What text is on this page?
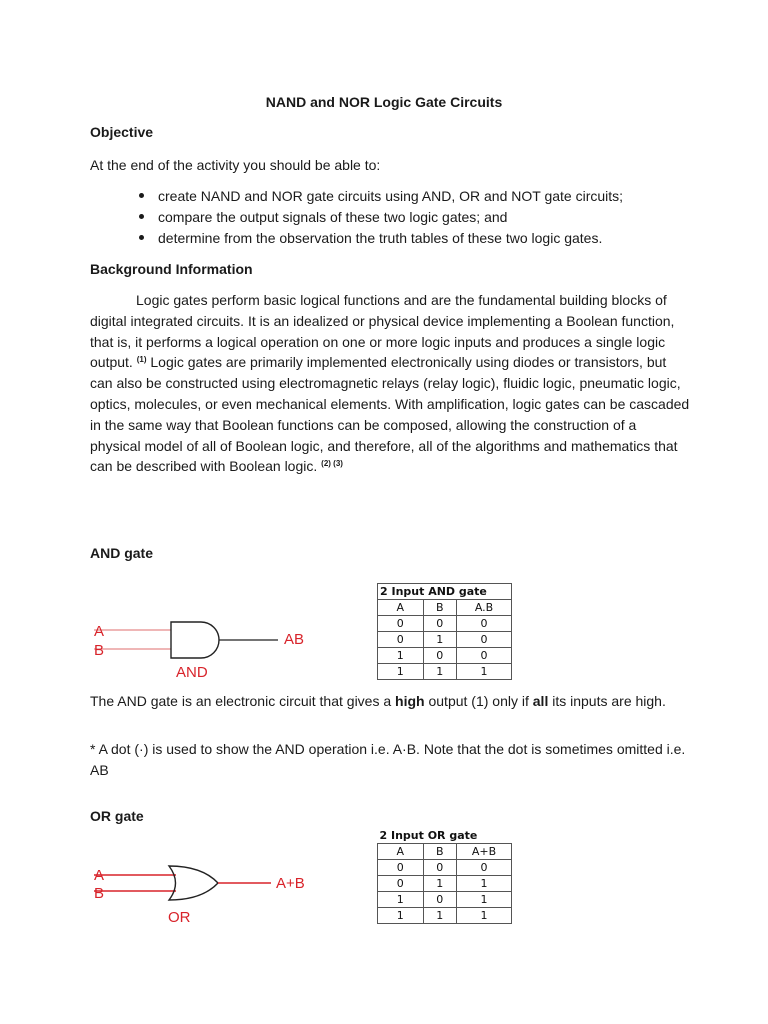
NAND and NOR Logic Gate Circuits
Objective
At the end of the activity you should be able to:
create NAND and NOR gate circuits using AND, OR and NOT gate circuits;
compare the output signals of these two logic gates; and
determine from the observation the truth tables of these two logic gates.
Background Information
Logic gates perform basic logical functions and are the fundamental building blocks of digital integrated circuits. It is an idealized or physical device implementing a Boolean function, that is, it performs a logical operation on one or more logic inputs and produces a single logic output. $^{(1)}$ Logic gates are primarily implemented electronically using diodes or transistors, but can also be constructed using electromagnetic relays (relay logic), fluidic logic, pneumatic logic, optics, molecules, or even mechanical elements. With amplification, logic gates can be cascaded in the same way that Boolean functions can be composed, allowing the construction of a physical model of all of Boolean logic, and therefore, all of the algorithms and mathematics that can be described with Boolean logic. $^{(2) (3)}$
AND gate
A
B
AB
AND
2 Input AND gate		
A	B	A.B
0	0	0
0	1	0
1	0	0
1	1	1
The AND gate is an electronic circuit that gives a high output (1) only if all its inputs are high.
* A dot (·) is used to show the AND operation i.e. A·B. Note that the dot is sometimes omitted i.e. AB
OR gate
A
B
A+B
OR
2 Input OR gate		
A	B	A+B
0	0	0
0	1	1
1	0	1
1	1	1
